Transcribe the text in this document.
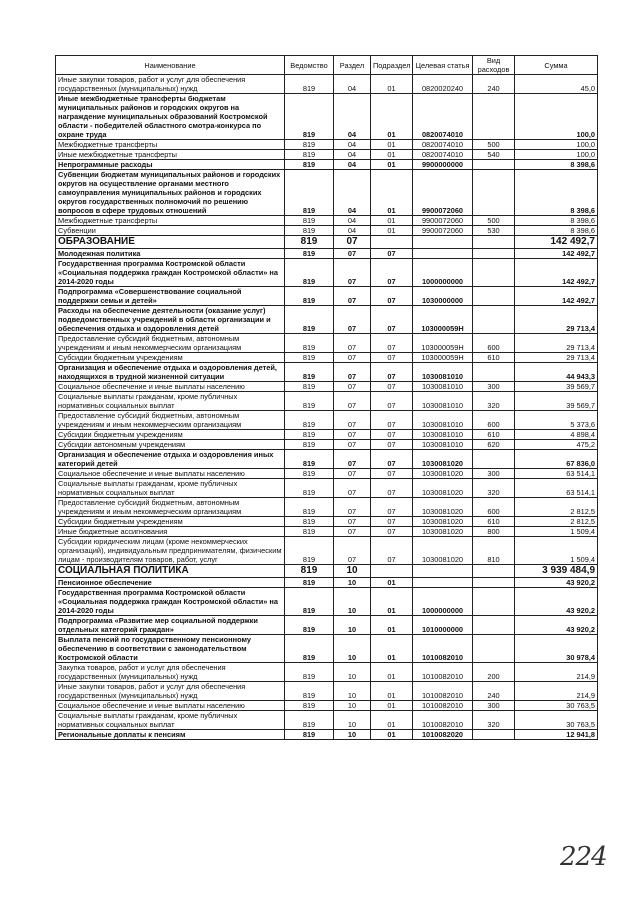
Наименование	Ведомство	Раздел	Подраздел	Целевая статья	Вид расходов	Сумма
Иные закупки товаров, работ и услуг для обеспечения государственных (муниципальных) нужд	819	04	01	0820020240	240	45,0
Иные межбюджетные трансферты бюджетам муниципальных районов и городских округов на награждение муниципальных образований Костромской области - победителей областного смотра-конкурса по охране труда	819	04	01	0820074010		100,0
Межбюджетные трансферты	819	04	01	0820074010	500	100,0
Иные межбюджетные трансферты	819	04	01	0820074010	540	100,0
Непрограммные расходы	819	04	01	9900000000		8 398,6
Субвенции бюджетам муниципальных районов и городских округов на осуществление органами местного самоуправления муниципальных районов и городских округов государственных полномочий по решению вопросов в сфере трудовых отношений	819	04	01	9900072060		8 398,6
Межбюджетные трансферты	819	04	01	9900072060	500	8 398,6
Субвенции	819	04	01	9900072060	530	8 398,6
ОБРАЗОВАНИЕ	819	07				142 492,7
Молодежная политика	819	07	07			142 492,7
Государственная программа Костромской области «Социальная поддержка граждан Костромской области» на 2014-2020 годы	819	07	07	1000000000		142 492,7
Подпрограмма «Совершенствование социальной поддержки семьи и детей»	819	07	07	1030000000		142 492,7
Расходы на обеспечение деятельности (оказание услуг) подведомственных учреждений в области организации и обеспечения отдыха и оздоровления детей	819	07	07	103000059Н		29 713,4
Предоставление субсидий бюджетным, автономным учреждениям и иным некоммерческим организациям	819	07	07	103000059Н	600	29 713,4
Субсидии бюджетным учреждениям	819	07	07	103000059Н	610	29 713,4
Организация и обеспечение отдыха и оздоровления детей, находящихся в трудной жизненной ситуации	819	07	07	1030081010		44 943,3
Социальное обеспечение и иные выплаты населению	819	07	07	1030081010	300	39 569,7
Социальные выплаты гражданам, кроме публичных нормативных социальных выплат	819	07	07	1030081010	320	39 569,7
Предоставление субсидий бюджетным, автономным учреждениям и иным некоммерческим организациям	819	07	07	1030081010	600	5 373,6
Субсидии бюджетным учреждениям	819	07	07	1030081010	610	4 898,4
Субсидии автономным учреждениям	819	07	07	1030081010	620	475,2
Организация и обеспечение отдыха и оздоровления иных категорий детей	819	07	07	1030081020		67 836,0
Социальное обеспечение и иные выплаты населению	819	07	07	1030081020	300	63 514,1
Социальные выплаты гражданам, кроме публичных нормативных социальных выплат	819	07	07	1030081020	320	63 514,1
Предоставление субсидий бюджетным, автономным учреждениям и иным некоммерческим организациям	819	07	07	1030081020	600	2 812,5
Субсидии бюджетным учреждениям	819	07	07	1030081020	610	2 812,5
Иные бюджетные ассигнования	819	07	07	1030081020	800	1 509,4
Субсидии юридическим лицам (кроме некоммерческих организаций), индивидуальным предпринимателям, физическим лицам - производителям товаров, работ, услуг	819	07	07	1030081020	810	1 509,4
СОЦИАЛЬНАЯ ПОЛИТИКА	819	10				3 939 484,9
Пенсионное обеспечение	819	10	01			43 920,2
Государственная программа Костромской области «Социальная поддержка граждан Костромской области» на 2014-2020 годы	819	10	01	1000000000		43 920,2
Подпрограмма «Развитие мер социальной поддержки отдельных категорий граждан»	819	10	01	1010000000		43 920,2
Выплата пенсий по государственному пенсионному обеспечению в соответствии с законодательством Костромской области	819	10	01	1010082010		30 978,4
Закупка товаров, работ и услуг для обеспечения государственных (муниципальных) нужд	819	10	01	1010082010	200	214,9
Иные закупки товаров, работ и услуг для обеспечения государственных (муниципальных) нужд	819	10	01	1010082010	240	214,9
Социальное обеспечение и иные выплаты населению	819	10	01	1010082010	300	30 763,5
Социальные выплаты гражданам, кроме публичных нормативных социальных выплат	819	10	01	1010082010	320	30 763,5
Региональные доплаты к пенсиям	819	10	01	1010082020		12 941,8
224
